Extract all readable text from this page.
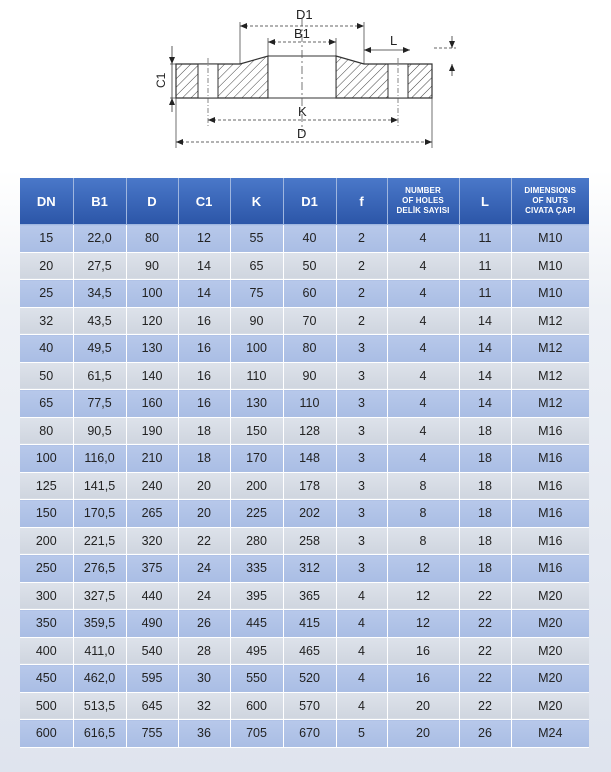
D1
B1	L
C1
K
D
DN	B1	D	C1	K	D1	f	NUMBER
OF HOLES
DELİK SAYISI	L	DIMENSIONS
OF NUTS
CIVATA ÇAPI

15	22,0	80	12	55	40	2	4	11	M10
20	27,5	90	14	65	50	2	4	11	M10
25	34,5	100	14	75	60	2	4	11	M10
32	43,5	120	16	90	70	2	4	14	M12
40	49,5	130	16	100	80	3	4	14	M12
50	61,5	140	16	110	90	3	4	14	M12
65	77,5	160	16	130	110	3	4	14	M12
80	90,5	190	18	150	128	3	4	18	M16
100	116,0	210	18	170	148	3	4	18	M16
125	141,5	240	20	200	178	3	8	18	M16
150	170,5	265	20	225	202	3	8	18	M16
200	221,5	320	22	280	258	3	8	18	M16
250	276,5	375	24	335	312	3	12	18	M16
300	327,5	440	24	395	365	4	12	22	M20
350	359,5	490	26	445	415	4	12	22	M20
400	411,0	540	28	495	465	4	16	22	M20
450	462,0	595	30	550	520	4	16	22	M20
500	513,5	645	32	600	570	4	20	22	M20
600	616,5	755	36	705	670	5	20	26	M24
